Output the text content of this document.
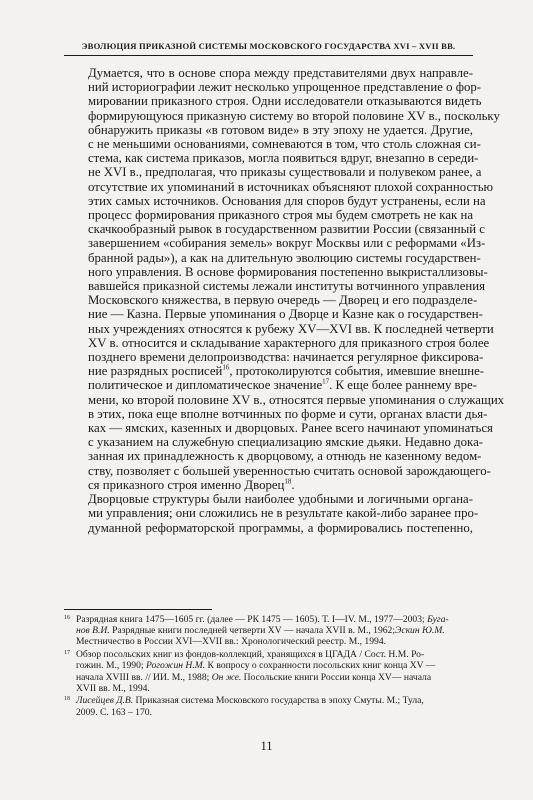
ЭВОЛЮЦИЯ ПРИКАЗНОЙ СИСТЕМЫ МОСКОВСКОГО ГОСУДАРСТВА XVI – XVII ВВ.

Думается, что в основе спора между представителями двух направле-
ний историографии лежит несколько упрощенное представление о фор-
мировании приказного строя. Одни исследователи отказываются видеть
формирующуюся приказную систему во второй половине XV в., поскольку
обнаружить приказы «в готовом виде» в эту эпоху не удается. Другие,
с не меньшими основаниями, сомневаются в том, что столь сложная си-
стема, как система приказов, могла появиться вдруг, внезапно в середи-
не XVI в., предполагая, что приказы существовали и полувеком ранее, а
отсутствие их упоминаний в источниках объясняют плохой сохранностью
этих самых источников. Основания для споров будут устранены, если на
процесс формирования приказного строя мы будем смотреть не как на
скачкообразный рывок в государственном развитии России (связанный с
завершением «собирания земель» вокруг Москвы или с реформами «Из-
бранной рады»), а как на длительную эволюцию системы государствен-
ного управления. В основе формирования постепенно выкристаллизовы-
вавшейся приказной системы лежали институты вотчинного управления
Московского княжества, в первую очередь — Дворец и его подразделе-
ние — Казна. Первые упоминания о Дворце и Казне как о государствен-
ных учреждениях относятся к рубежу XV—XVI вв. К последней четверти
XV в. относится и складывание характерного для приказного строя более
позднего времени делопроизводства: начинается регулярное фиксирова-
ние разрядных росписей$^{16}$, протоколируются события, имевшие внешне-
политическое и дипломатическое значение$^{17}$. К еще более раннему вре-
мени, ко второй половине XV в., относятся первые упоминания о служащих
в этих, пока еще вполне вотчинных по форме и сути, органах власти дья-
ках — ямских, казенных и дворцовых. Ранее всего начинают упоминаться
с указанием на служебную специализацию ямские дьяки. Недавно дока-
занная их принадлежность к дворцовому, а отнюдь не казенному ведом-
ству, позволяет с большей уверенностью считать основой зарождающего-
ся приказного строя именно Дворец$^{18}$.

Дворцовые структуры были наиболее удобными и логичными органа-
ми управления; они сложились не в результате какой-либо заранее про-
думанной реформаторской программы, а формировались постепенно,

16 Разрядная книга 1475—1605 гг. (далее — РК 1475 — 1605). Т. I—IV. М., 1977—2003; Буга-
нов В.И. Разрядные книги последней четверти XV — начала XVII в. М., 1962;Эскин Ю.М.
Местничество в России XVI—XVII вв.: Хронологический реестр. М., 1994.
17 Обзор посольских книг из фондов-коллекций, хранящихся в ЦГАДА / Сост. Н.М. Ро-
гожин. М., 1990; Рогожин Н.М. К вопросу о сохранности посольских книг конца XV —
начала XVIII вв. // ИИ. М., 1988; Он же. Посольские книги России конца XV— начала
XVII вв. М., 1994.
18 Лисейцев Д.В. Приказная система Московского государства в эпоху Смуты. М.; Тула,
2009. С. 163 – 170.
11
